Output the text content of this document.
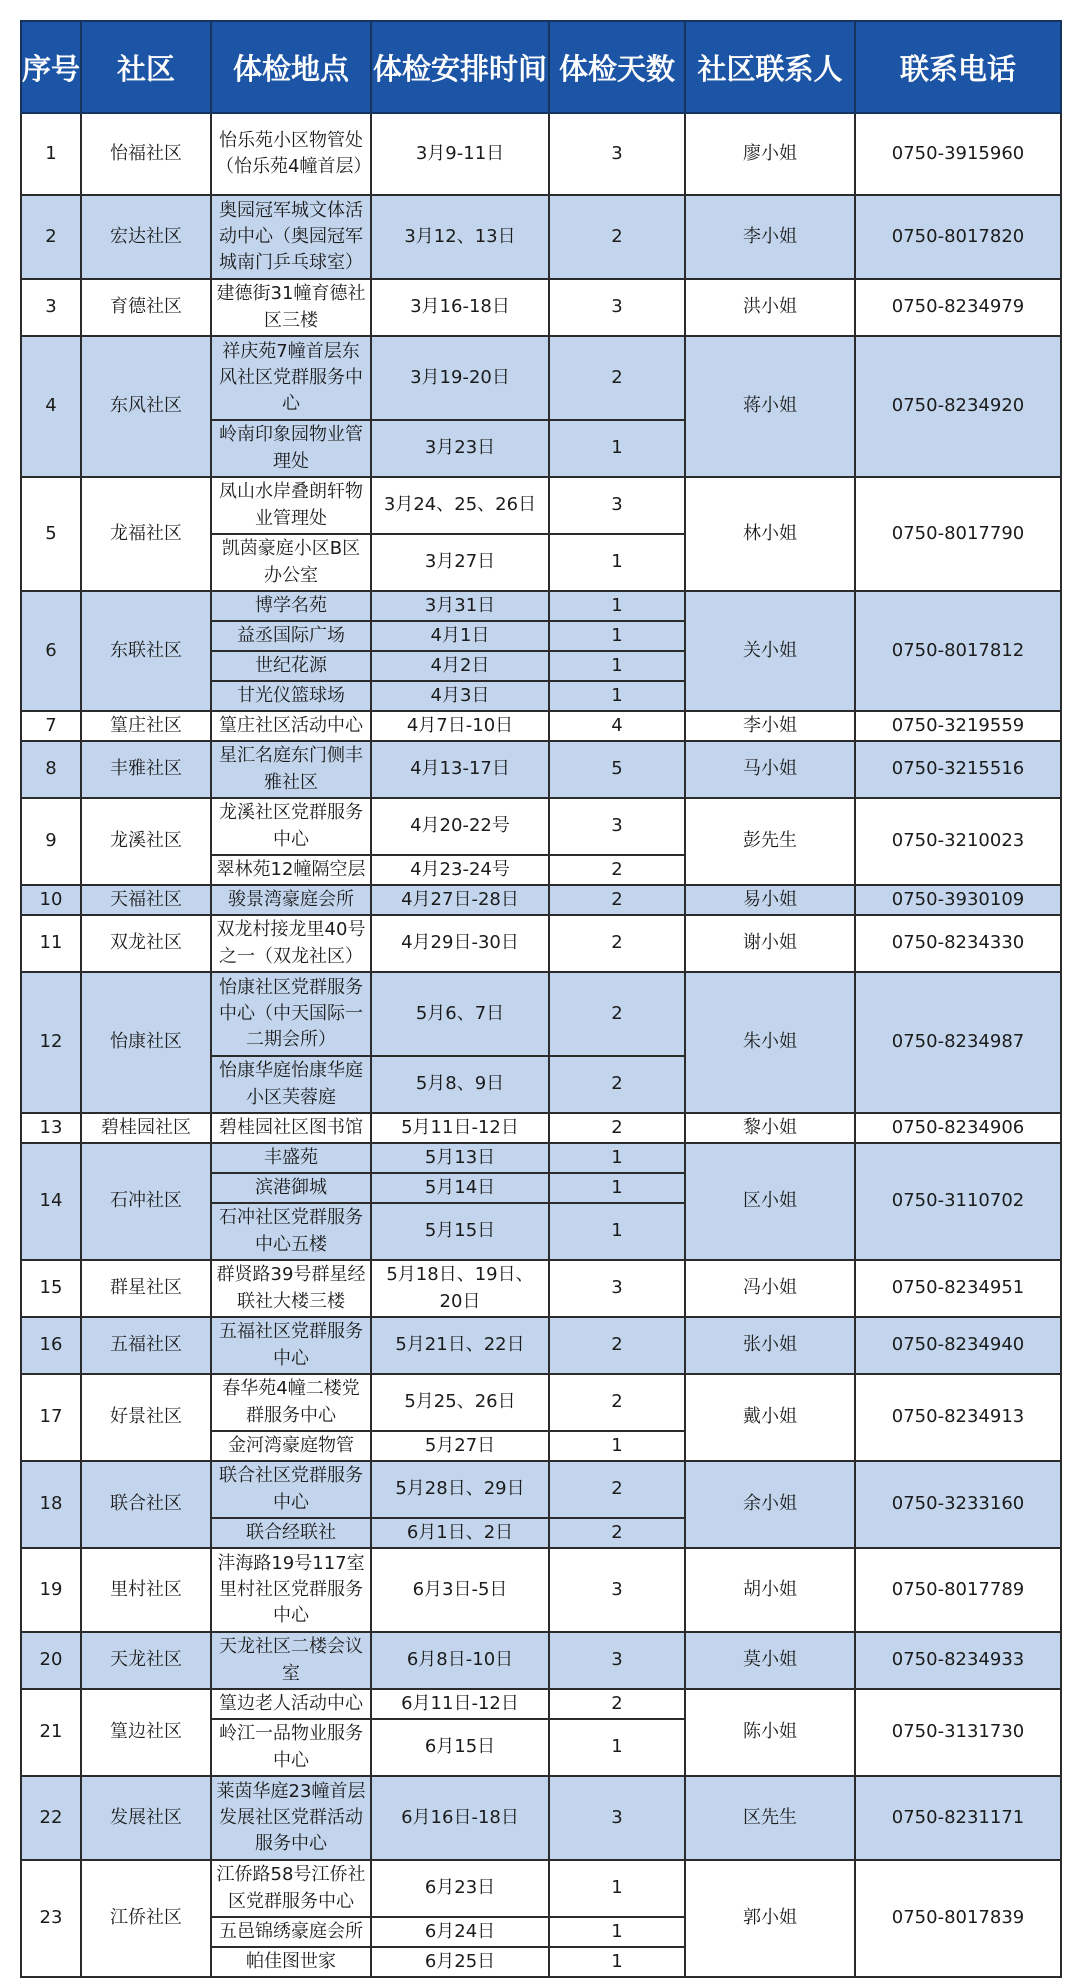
序号	社区	体检地点	体检安排时间	体检天数	社区联系人	联系电话
1	怡福社区	怡乐苑小区物管处（怡乐苑4幢首层）	3月9-11日	3	廖小姐	0750-3915960
2	宏达社区	奥园冠军城文体活动中心（奥园冠军城南门乒乓球室）	3月12、13日	2	李小姐	0750-8017820
3	育德社区	建德街31幢育德社区三楼	3月16-18日	3	洪小姐	0750-8234979
4	东风社区	祥庆苑7幢首层东风社区党群服务中心	3月19-20日	2	蒋小姐	0750-8234920
		岭南印象园物业管理处	3月23日	1		
5	龙福社区	凤山水岸叠朗轩物业管理处	3月24、25、26日	3	林小姐	0750-8017790
		凯茵豪庭小区B区办公室	3月27日	1		
6	东联社区	博学名苑	3月31日	1	关小姐	0750-8017812
		益丞国际广场	4月1日	1		
		世纪花源	4月2日	1		
		甘光仪篮球场	4月3日	1		
7	篁庄社区	篁庄社区活动中心	4月7日-10日	4	李小姐	0750-3219559
8	丰雅社区	星汇名庭东门侧丰雅社区	4月13-17日	5	马小姐	0750-3215516
9	龙溪社区	龙溪社区党群服务中心	4月20-22号	3	彭先生	0750-3210023
		翠林苑12幢隔空层	4月23-24号	2		
10	天福社区	骏景湾豪庭会所	4月27日-28日	2	易小姐	0750-3930109
11	双龙社区	双龙村接龙里40号之一（双龙社区）	4月29日-30日	2	谢小姐	0750-8234330
12	怡康社区	怡康社区党群服务中心（中天国际一二期会所）	5月6、7日	2	朱小姐	0750-8234987
		怡康华庭怡康华庭小区芙蓉庭	5月8、9日	2		
13	碧桂园社区	碧桂园社区图书馆	5月11日-12日	2	黎小姐	0750-8234906
14	石冲社区	丰盛苑	5月13日	1	区小姐	0750-3110702
		滨港御城	5月14日	1		
		石冲社区党群服务中心五楼	5月15日	1		
15	群星社区	群贤路39号群星经联社大楼三楼	5月18日、19日、20日	3	冯小姐	0750-8234951
16	五福社区	五福社区党群服务中心	5月21日、22日	2	张小姐	0750-8234940
17	好景社区	春华苑4幢二楼党群服务中心	5月25、26日	2	戴小姐	0750-8234913
		金河湾豪庭物管	5月27日	1		
18	联合社区	联合社区党群服务中心	5月28日、29日	2	余小姐	0750-3233160
		联合经联社	6月1日、2日	2		
19	里村社区	沣海路19号117室里村社区党群服务中心	6月3日-5日	3	胡小姐	0750-8017789
20	天龙社区	天龙社区二楼会议室	6月8日-10日	3	莫小姐	0750-8234933
21	篁边社区	篁边老人活动中心	6月11日-12日	2	陈小姐	0750-3131730
		岭江一品物业服务中心	6月15日	1		
22	发展社区	莱茵华庭23幢首层发展社区党群活动服务中心	6月16日-18日	3	区先生	0750-8231171
23	江侨社区	江侨路58号江侨社区党群服务中心	6月23日	1	郭小姐	0750-8017839
		五邑锦绣豪庭会所	6月24日	1		
		帕佳图世家	6月25日	1		
